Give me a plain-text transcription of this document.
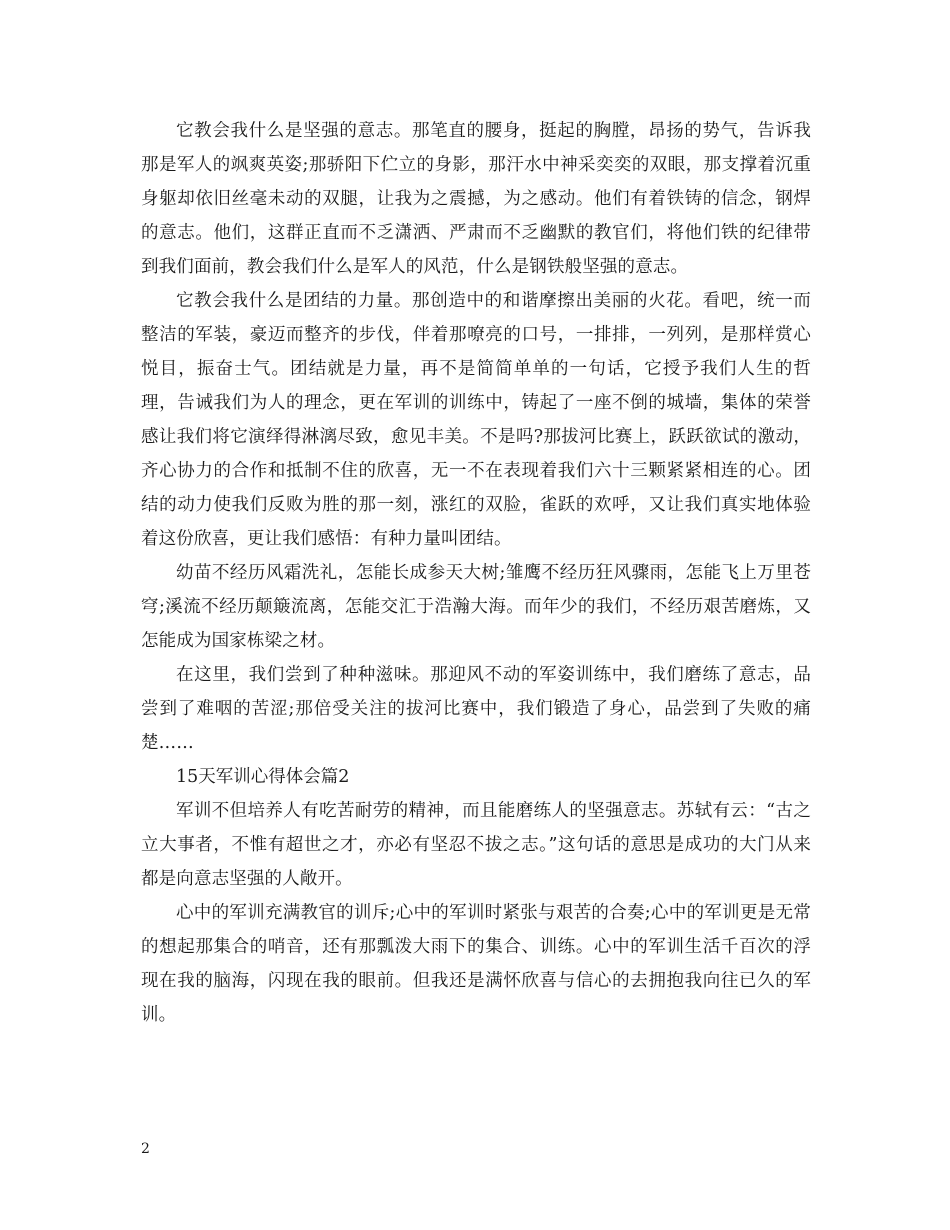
它教会我什么是坚强的意志。那笔直的腰身，挺起的胸膛，昂扬的势气，告诉我那是军人的飒爽英姿;那骄阳下伫立的身影，那汗水中神采奕奕的双眼，那支撑着沉重身躯却依旧丝毫未动的双腿，让我为之震撼，为之感动。他们有着铁铸的信念，钢焊的意志。他们，这群正直而不乏潇洒、严肃而不乏幽默的教官们，将他们铁的纪律带到我们面前，教会我们什么是军人的风范，什么是钢铁般坚强的意志。

它教会我什么是团结的力量。那创造中的和谐摩擦出美丽的火花。看吧，统一而整洁的军装，豪迈而整齐的步伐，伴着那嘹亮的口号，一排排，一列列，是那样赏心悦目，振奋士气。团结就是力量，再不是简简单单的一句话，它授予我们人生的哲理，告诫我们为人的理念，更在军训的训练中，铸起了一座不倒的城墙，集体的荣誉感让我们将它演绎得淋漓尽致，愈见丰美。不是吗?那拔河比赛上，跃跃欲试的激动，齐心协力的合作和抵制不住的欣喜，无一不在表现着我们六十三颗紧紧相连的心。团结的动力使我们反败为胜的那一刻，涨红的双脸，雀跃的欢呼，又让我们真实地体验着这份欣喜，更让我们感悟：有种力量叫团结。

幼苗不经历风霜洗礼，怎能长成参天大树;雏鹰不经历狂风骤雨，怎能飞上万里苍穹;溪流不经历颠簸流离，怎能交汇于浩瀚大海。而年少的我们，不经历艰苦磨炼，又怎能成为国家栋梁之材。

在这里，我们尝到了种种滋味。那迎风不动的军姿训练中，我们磨练了意志，品尝到了难咽的苦涩;那倍受关注的拔河比赛中，我们锻造了身心，品尝到了失败的痛楚……

15天军训心得体会篇2

军训不但培养人有吃苦耐劳的精神，而且能磨练人的坚强意志。苏轼有云：“古之立大事者，不惟有超世之才，亦必有坚忍不拔之志。”这句话的意思是成功的大门从来都是向意志坚强的人敞开。

心中的军训充满教官的训斥;心中的军训时紧张与艰苦的合奏;心中的军训更是无常的想起那集合的哨音，还有那瓢泼大雨下的集合、训练。心中的军训生活千百次的浮现在我的脑海，闪现在我的眼前。但我还是满怀欣喜与信心的去拥抱我向往已久的军训。

2
